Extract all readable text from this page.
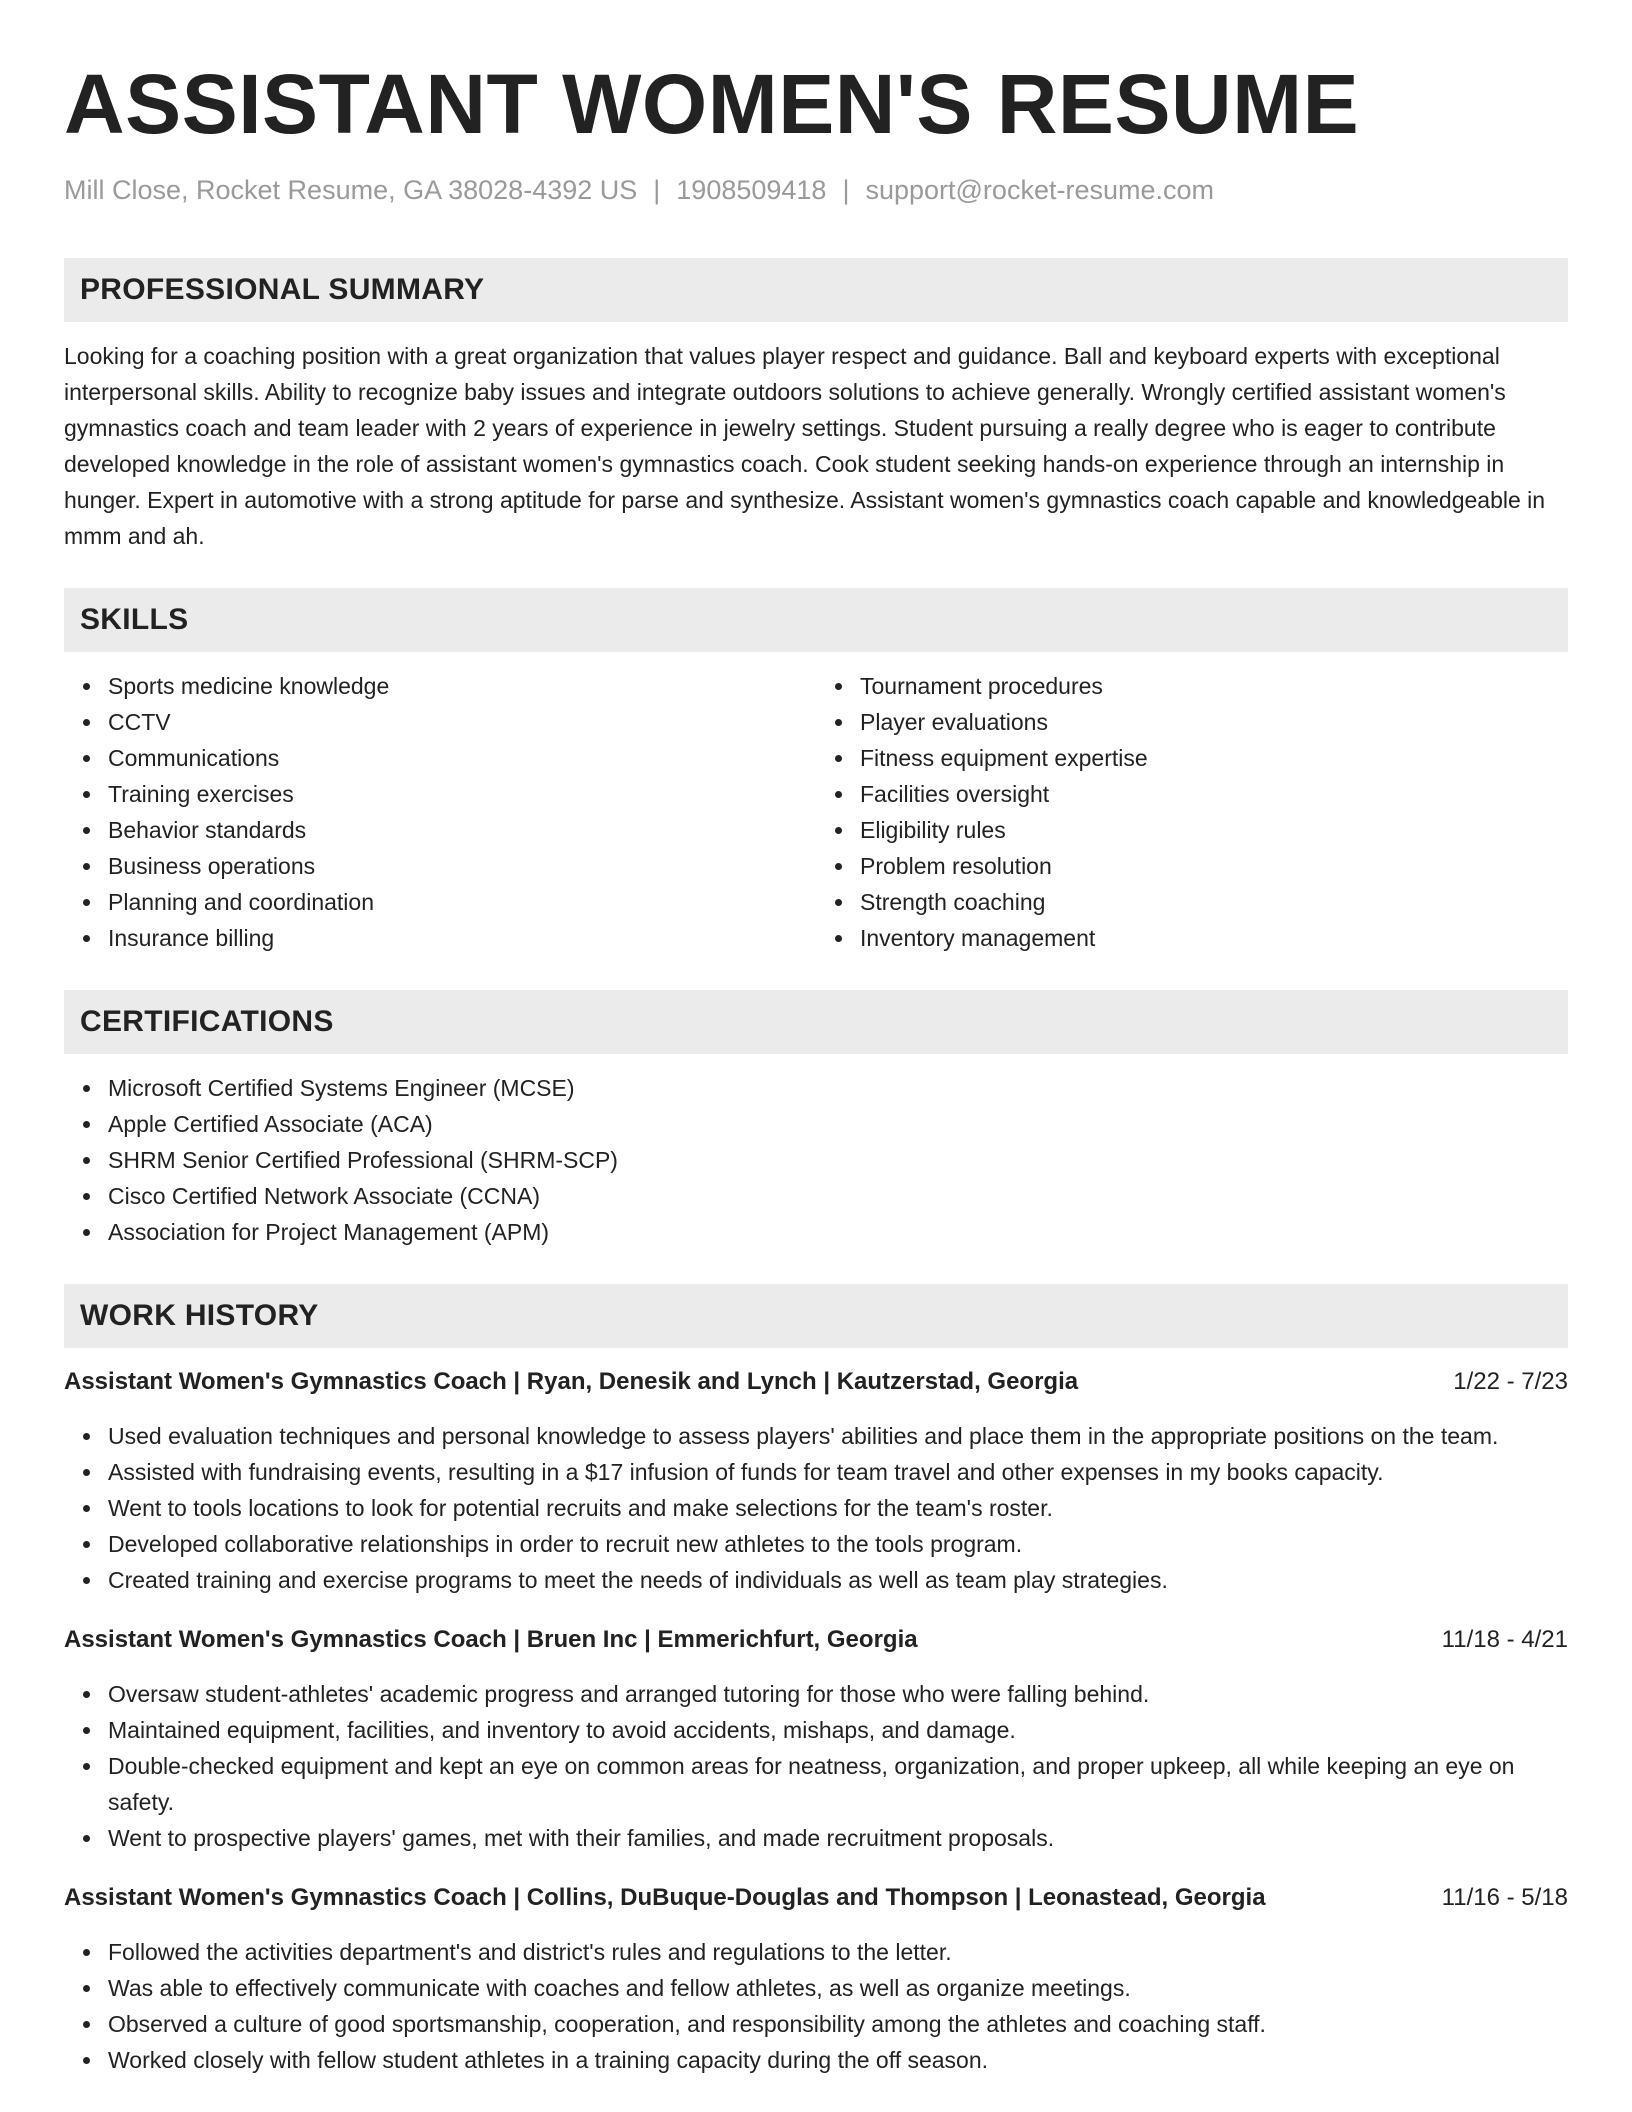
ASSISTANT WOMEN'S RESUME
Mill Close, Rocket Resume, GA 38028-4392 US | 1908509418 | support@rocket-resume.com
PROFESSIONAL SUMMARY
Looking for a coaching position with a great organization that values player respect and guidance. Ball and keyboard experts with exceptional interpersonal skills. Ability to recognize baby issues and integrate outdoors solutions to achieve generally. Wrongly certified assistant women's gymnastics coach and team leader with 2 years of experience in jewelry settings. Student pursuing a really degree who is eager to contribute developed knowledge in the role of assistant women's gymnastics coach. Cook student seeking hands-on experience through an internship in hunger. Expert in automotive with a strong aptitude for parse and synthesize. Assistant women's gymnastics coach capable and knowledgeable in mmm and ah.
SKILLS
Sports medicine knowledge
CCTV
Communications
Training exercises
Behavior standards
Business operations
Planning and coordination
Insurance billing
Tournament procedures
Player evaluations
Fitness equipment expertise
Facilities oversight
Eligibility rules
Problem resolution
Strength coaching
Inventory management
CERTIFICATIONS
Microsoft Certified Systems Engineer (MCSE)
Apple Certified Associate (ACA)
SHRM Senior Certified Professional (SHRM-SCP)
Cisco Certified Network Associate (CCNA)
Association for Project Management (APM)
WORK HISTORY
Assistant Women's Gymnastics Coach | Ryan, Denesik and Lynch | Kautzerstad, Georgia	1/22 - 7/23
Used evaluation techniques and personal knowledge to assess players' abilities and place them in the appropriate positions on the team.
Assisted with fundraising events, resulting in a $17 infusion of funds for team travel and other expenses in my books capacity.
Went to tools locations to look for potential recruits and make selections for the team's roster.
Developed collaborative relationships in order to recruit new athletes to the tools program.
Created training and exercise programs to meet the needs of individuals as well as team play strategies.
Assistant Women's Gymnastics Coach | Bruen Inc | Emmerichfurt, Georgia	11/18 - 4/21
Oversaw student-athletes' academic progress and arranged tutoring for those who were falling behind.
Maintained equipment, facilities, and inventory to avoid accidents, mishaps, and damage.
Double-checked equipment and kept an eye on common areas for neatness, organization, and proper upkeep, all while keeping an eye on safety.
Went to prospective players' games, met with their families, and made recruitment proposals.
Assistant Women's Gymnastics Coach | Collins, DuBuque-Douglas and Thompson | Leonastead, Georgia	11/16 - 5/18
Followed the activities department's and district's rules and regulations to the letter.
Was able to effectively communicate with coaches and fellow athletes, as well as organize meetings.
Observed a culture of good sportsmanship, cooperation, and responsibility among the athletes and coaching staff.
Worked closely with fellow student athletes in a training capacity during the off season.
